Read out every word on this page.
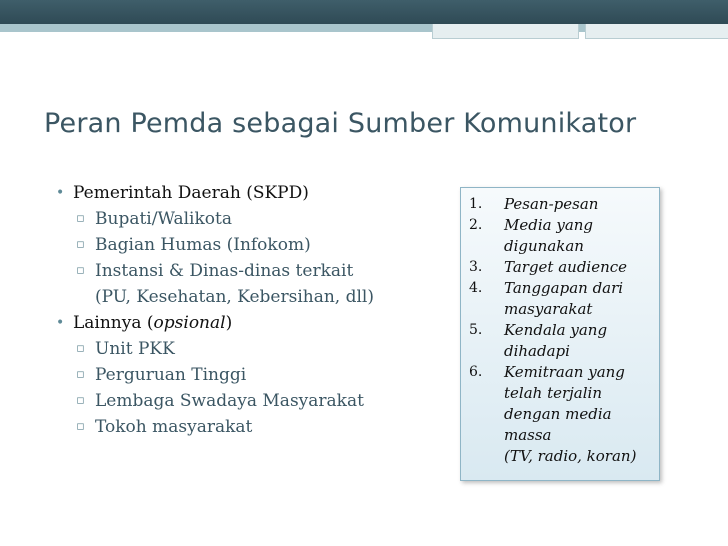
Peran Pemda sebagai Sumber Komunikator
• Pemerintah Daerah (SKPD)
▫ Bupati/Walikota
▫ Bagian Humas (Infokom)
▫ Instansi & Dinas-dinas terkait
(PU, Kesehatan, Kebersihan, dll)
• Lainnya (opsional)
▫ Unit PKK
▫ Perguruan Tinggi
▫ Lembaga Swadaya Masyarakat
▫ Tokoh masyarakat
1. Pesan-pesan
2. Media yang
digunakan
3. Target audience
4. Tanggapan dari
masyarakat
5. Kendala yang
dihadapi
6. Kemitraan yang
telah terjalin
dengan media
massa
(TV, radio, koran)
